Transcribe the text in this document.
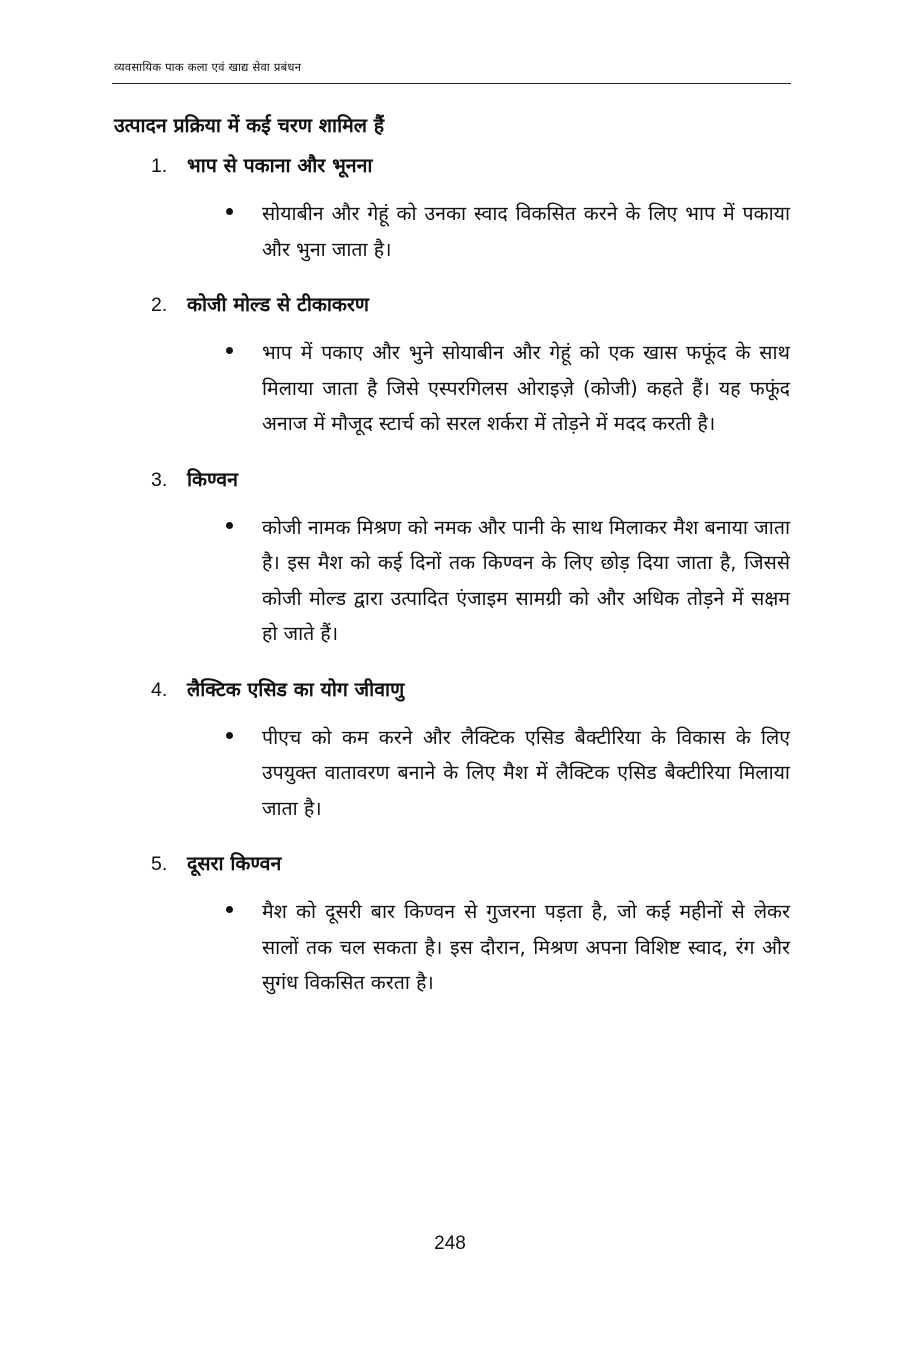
व्यवसायिक पाक कला एवं खाद्य सेवा प्रबंधन

उत्पादन प्रक्रिया में कई चरण शामिल हैं

1.	भाप से पकाना और भूनना

सोयाबीन और गेहूं को उनका स्वाद विकसित करने के लिए भाप में पकाया और भुना जाता है।

2.	कोजी मोल्ड से टीकाकरण

भाप में पकाए और भुने सोयाबीन और गेहूं को एक खास फफूंद के साथ मिलाया जाता है जिसे एस्परगिलस ओराइज़े (कोजी) कहते हैं। यह फफूंद अनाज में मौजूद स्टार्च को सरल शर्करा में तोड़ने में मदद करती है।

3.	किण्वन

कोजी नामक मिश्रण को नमक और पानी के साथ मिलाकर मैश बनाया जाता है। इस मैश को कई दिनों तक किण्वन के लिए छोड़ दिया जाता है, जिससे कोजी मोल्ड द्वारा उत्पादित एंजाइम सामग्री को और अधिक तोड़ने में सक्षम हो जाते हैं।

4.	लैक्टिक एसिड का योग जीवाणु

पीएच को कम करने और लैक्टिक एसिड बैक्टीरिया के विकास के लिए उपयुक्त वातावरण बनाने के लिए मैश में लैक्टिक एसिड बैक्टीरिया मिलाया जाता है।

5.	दूसरा किण्वन

मैश को दूसरी बार किण्वन से गुजरना पड़ता है, जो कई महीनों से लेकर सालों तक चल सकता है। इस दौरान, मिश्रण अपना विशिष्ट स्वाद, रंग और सुगंध विकसित करता है।

248
